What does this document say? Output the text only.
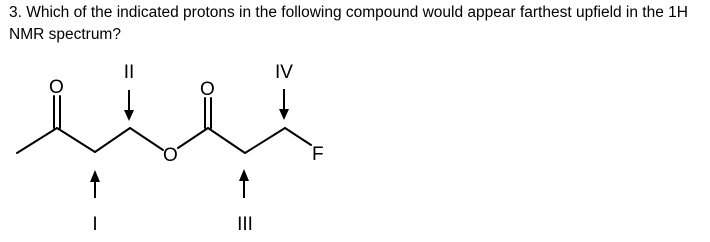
3. Which of the indicated protons in the following compound would appear farthest upfield in the 1H
NMR spectrum?
O
O
O
F
II	IV
I	III
